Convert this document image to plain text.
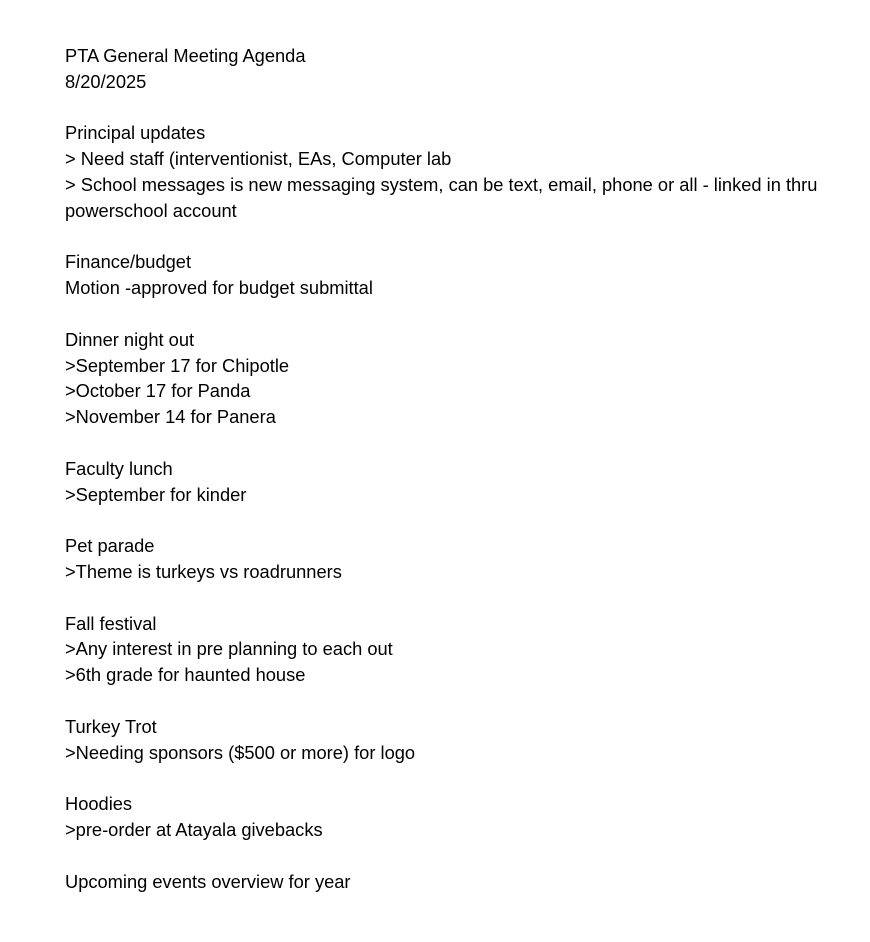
PTA General Meeting Agenda
8/20/2025
Principal updates
> Need staff (interventionist, EAs, Computer lab
> School messages is new messaging system, can be text, email, phone or all - linked in thru powerschool account
Finance/budget
Motion -approved for budget submittal
Dinner night out
>September 17 for Chipotle
>October 17 for Panda
>November 14 for Panera
Faculty lunch
>September for kinder
Pet parade
>Theme is turkeys vs roadrunners
Fall festival
>Any interest in pre planning to each out
>6th grade for haunted house
Turkey Trot
>Needing sponsors ($500 or more) for logo
Hoodies
>pre-order at Atayala givebacks
Upcoming events overview for year
